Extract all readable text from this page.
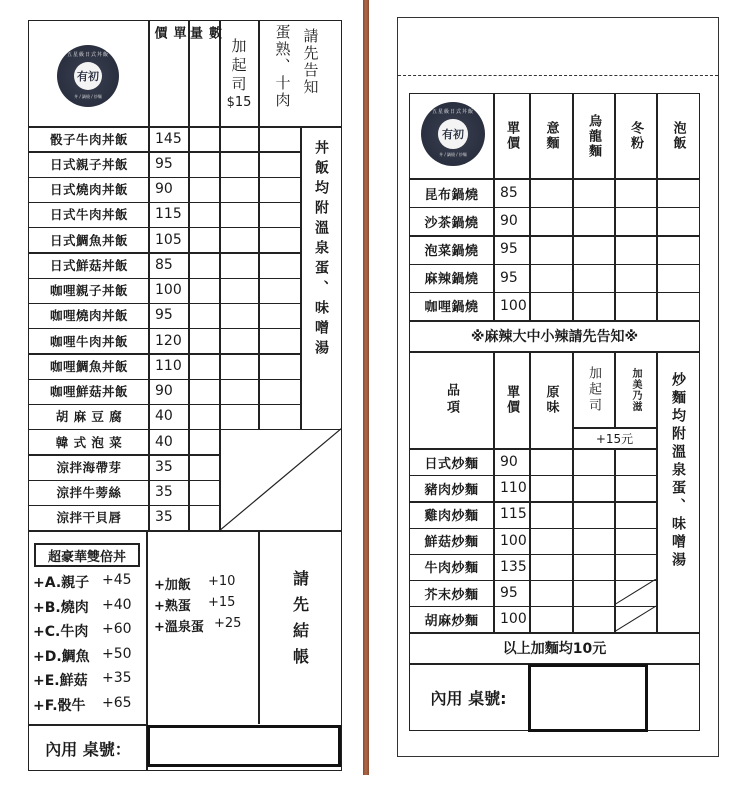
五星級日式丼飯
有初
丼 / 鍋燒 / 炒麵
單價	數量	加起司
$15 蛋熟、十肉 請先告知
骰子牛肉丼飯 145
日式親子丼飯 95
日式燒肉丼飯 90
日式牛肉丼飯 115
日式鯛魚丼飯 105
日式鮮菇丼飯 85
咖哩親子丼飯 100
咖哩燒肉丼飯 95
咖哩牛肉丼飯 120
咖哩鯛魚丼飯 110
咖哩鮮菇丼飯 90
胡 麻 豆 腐 40
韓 式 泡 菜 40
涼拌海帶芽 35
涼拌牛蒡絲 35
涼拌干貝唇 35
丼飯均附溫泉蛋、味噌湯
超豪華雙倍丼
+A.親子 +45
+B.燒肉 +40
+C.牛肉 +60
+D.鯛魚 +50
+E.鮮菇 +35
+F.骰牛 +65
+加飯 +10
+熟蛋 +15
+溫泉蛋 +25	請先結帳
內用 桌號：
五星級日式丼飯
有初
丼 / 鍋燒 / 炒麵
單價 意麵 烏龍麵 冬粉 泡飯
昆布鍋燒 85
沙茶鍋燒 90
泡菜鍋燒 95
麻辣鍋燒 95
咖哩鍋燒 100
※麻辣大中小辣請先告知※
品項	單價 原味 加起司	加美乃滋
+15元
日式炒麵 90
豬肉炒麵 110
雞肉炒麵 115
鮮菇炒麵 100
牛肉炒麵 135
芥末炒麵 95
胡麻炒麵 100
炒麵均附溫泉蛋、味噌湯
以上加麵均10元
內用 桌號:
